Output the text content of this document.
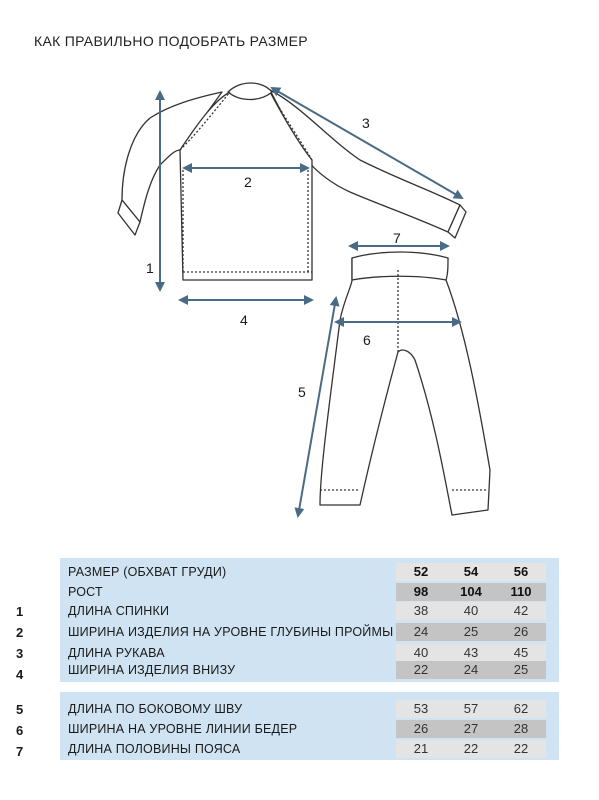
КАК ПРАВИЛЬНО ПОДОБРАТЬ РАЗМЕР
1
2
3
4
5
6
7
РАЗМЕР (ОБХВАТ ГРУДИ)	52	54	56
РОСТ	98	104	110
1	ДЛИНА СПИНКИ	38	40	42
2	ШИРИНА ИЗДЕЛИЯ НА УРОВНЕ ГЛУБИНЫ ПРОЙМЫ	24	25	26
3	ДЛИНА РУКАВА	40	43	45
4	ШИРИНА ИЗДЕЛИЯ ВНИЗУ	22	24	25
5	ДЛИНА ПО БОКОВОМУ ШВУ	53	57	62
6	ШИРИНА НА УРОВНЕ ЛИНИИ БЕДЕР	26	27	28
7	ДЛИНА ПОЛОВИНЫ ПОЯСА	21	22	22
